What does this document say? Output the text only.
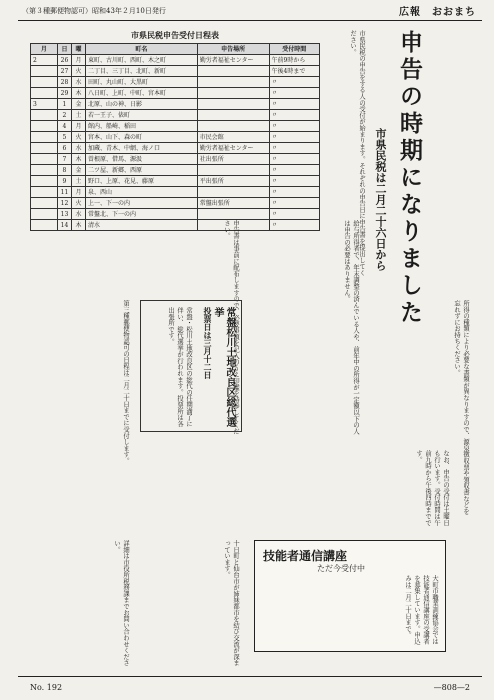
（第３種郵便物認可）昭和43年２月10日発行	広報　おおまち
市県民税申告受付日程表
月	日	曜	町名	申告場所	受付時間
2	26	月	東町、古川町、西町、木之町	勤労者福祉センター	午前9時から
	27	火	二丁目、三丁目、北町、新町		午後4時まで
	28	水	田町、丸山町、大黒町		〃
	29	木	八日町、上町、中町、宮本町		〃
3	1	金	北原、山の神、日影		〃
	2	土	若一王子、俵町		〃
	4	月	館内、船崎、稲田		〃
	5	火	宮本、山下、森の町	市民会館	〃
	6	水	加蔵、青木、中網、海ノ口	勤労者福祉センター	〃
	7	木	曽根原、借馬、源汲	社出張所	〃
	8	金	二ツ屋、新郷、西原		〃
	9	土	野口、上原、花見、藤原	平出張所	〃
	11	月	泉、西山		〃
	12	火	上一、下一の内	常盤出張所	〃
	13	水	常盤北、下一の内		〃
	14	木	清水		〃	申告の時期になりました
市県民税は二月二十六日から
市県民税の申告をする人の受付が始まります。それぞれの申告日に申告書を提出してください。
給与所得者で、年末調整の済んでいる人や、前年中の所得が一定額以下の人は申告の必要はありません。
申告書は事前に配布しますので、必要事項を記入のうえ印鑑を持参してください。
所得の種類により必要な書類が異なりますので、源泉徴収票や領収書などを忘れずにお持ちください。
なお、申告の受付は土曜日も行います。受付時間は午前九時から午後四時までです。
常盤松川土地改良区総代選挙
投票日は三月十二日
常盤・松川土地改良区の総代の任期満了に伴い、総代選挙が行われます。投票所は各出張所です。
第三種郵便物認可の日程は二月二十日までに受付します。
詳細は市役所税務課までお問い合わせください。	十日町と仙台市が姉妹都市を結び交流が深まっています。	技能者通信講座
ただ今受付中
大町市職業訓練協会では技能者通信講座の受講者を募集しています。申込みは二月二十日まで。
No. 192	—808—2
